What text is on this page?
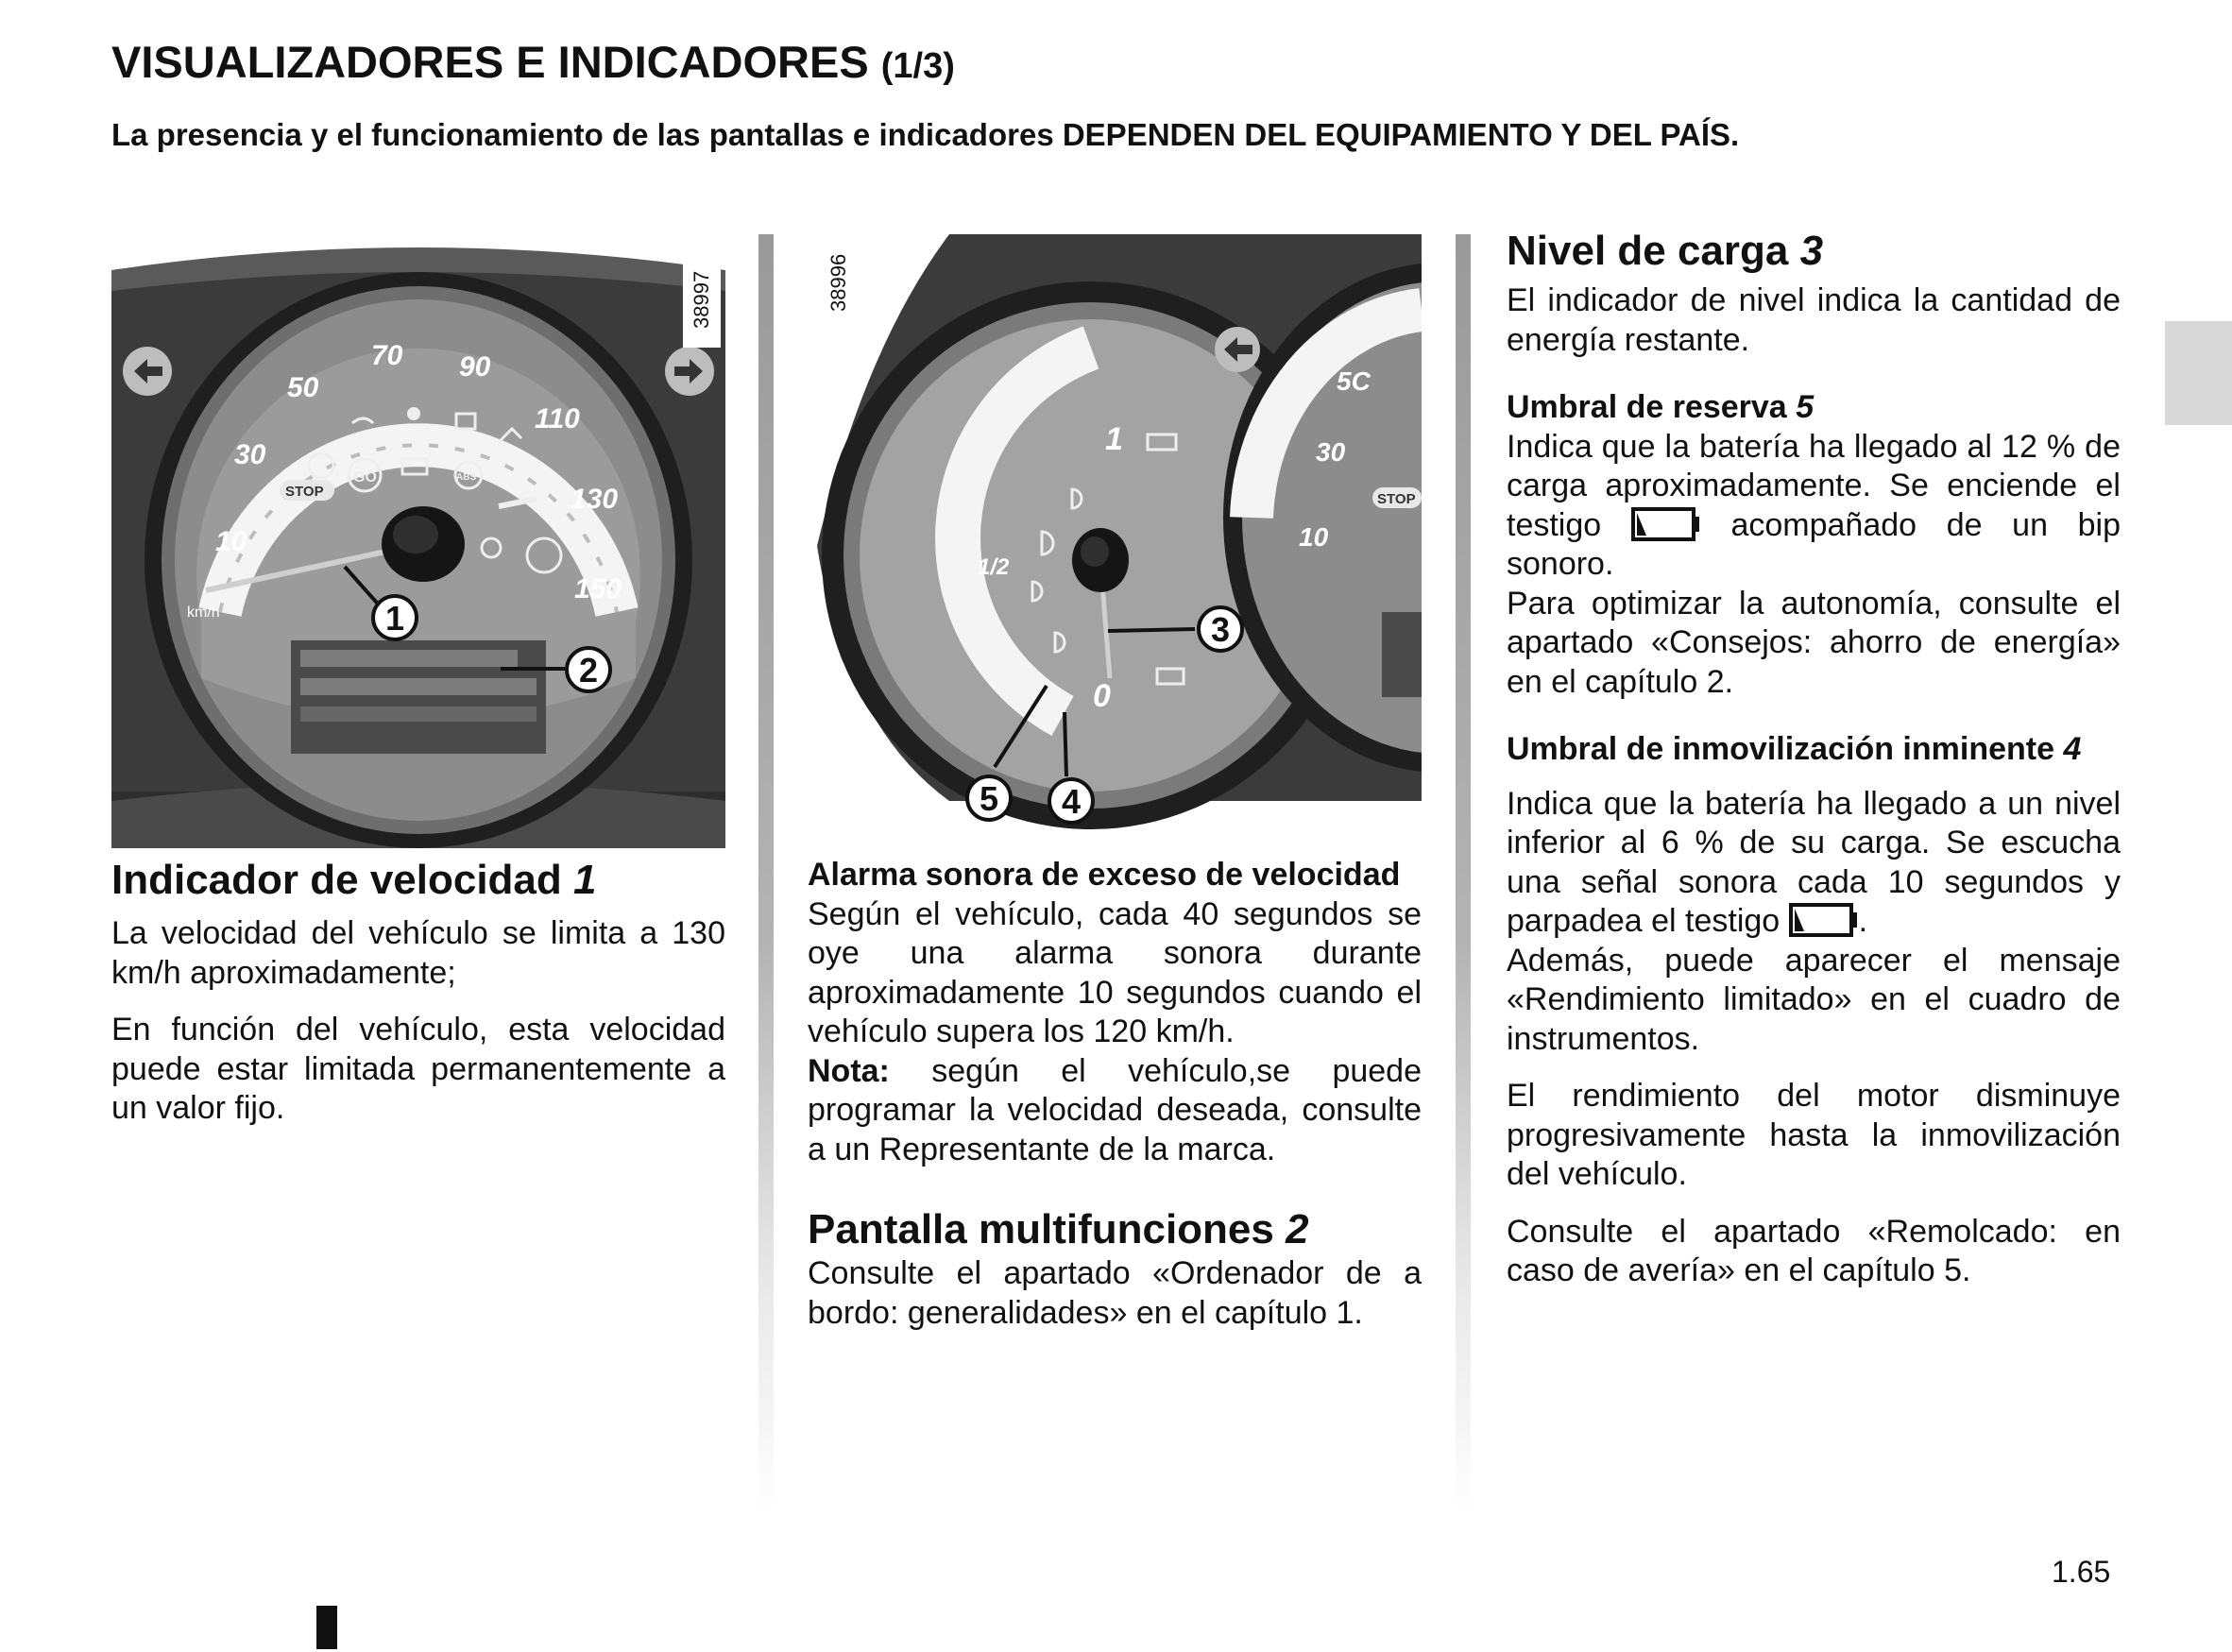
VISUALIZADORES E INDICADORES (1/3)
La presencia y el funcionamiento de las pantallas e indicadores DEPENDEN DEL EQUIPAMIENTO Y DEL PAÍS.
10
30
50
70 90
110
130
150
km/h
STOP
GO	ABS
1
2
38997
5C
30
10
STOP
1
1/2
0
3
5 4
38996
Indicador de velocidad 1

La velocidad del vehículo se limita a 130 km/h aproximadamente;

En función del vehículo, esta velocidad puede estar limitada permanentemente a un valor fijo.

Alarma sonora de exceso de velocidad

Según el vehículo, cada 40 segundos se oye una alarma sonora durante aproximadamente 10 segundos cuando el vehículo supera los 120 km/h.

Nota: según el vehículo,se puede programar la velocidad deseada, consulte a un Representante de la marca.

Pantalla multifunciones 2

Consulte el apartado «Ordenador de a bordo: generalidades» en el capítulo 1.

Nivel de carga 3

El indicador de nivel indica la cantidad de energía restante.

Umbral de reserva 5

Indica que la batería ha llegado al 12 % de carga aproximadamente. Se enciende el testigo	acompañado de un bip sonoro.

Para optimizar la autonomía, consulte el apartado «Consejos: ahorro de energía» en el capítulo 2.

Umbral de inmovilización inminente 4

Indica que la batería ha llegado a un nivel inferior al 6 % de su carga. Se escucha una señal sonora cada 10 segundos y parpadea el testigo .

Además, puede aparecer el mensaje «Rendimiento limitado» en el cuadro de instrumentos.

El rendimiento del motor disminuye progresivamente hasta la inmovilización del vehículo.

Consulte el apartado «Remolcado: en caso de avería» en el capítulo 5.

1.65
